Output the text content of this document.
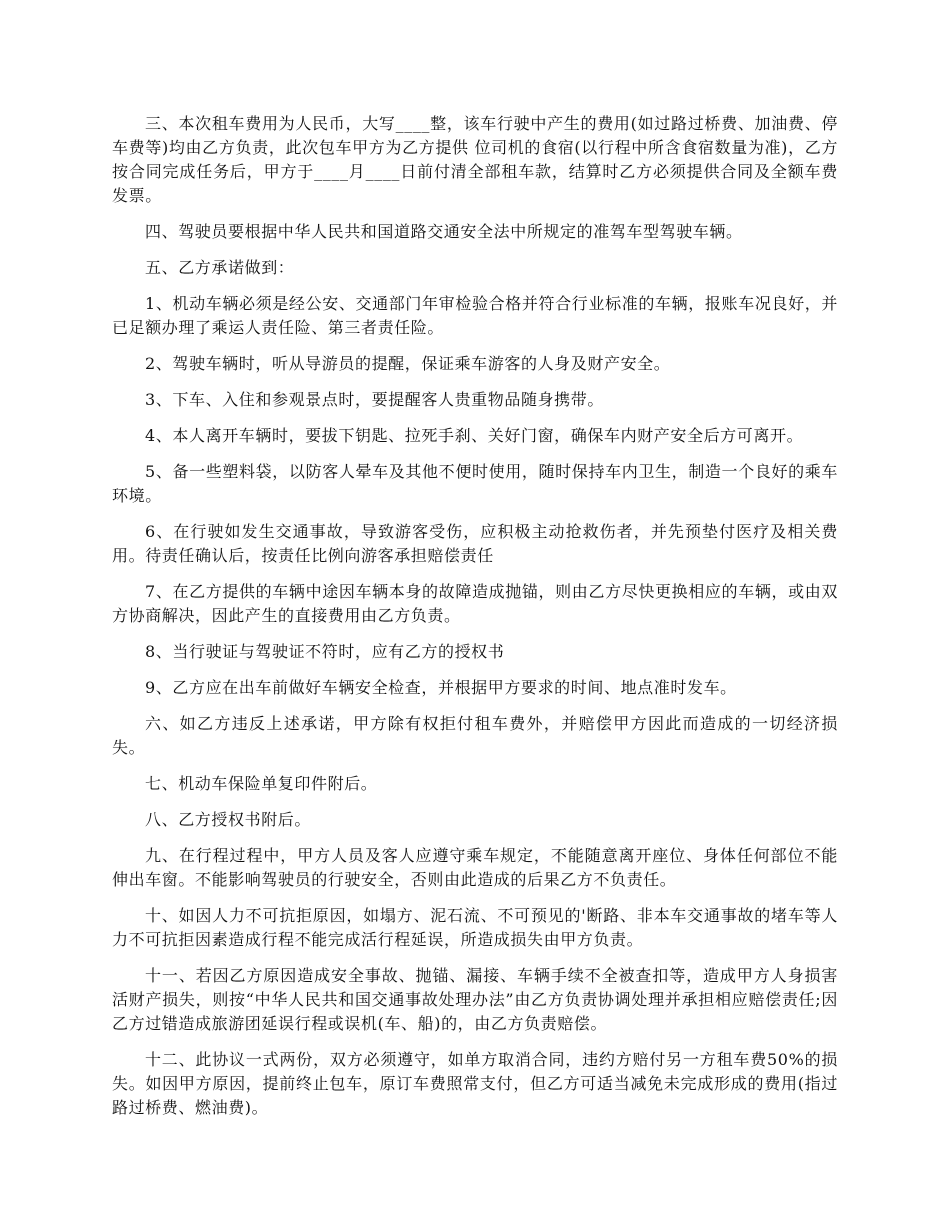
三、本次租车费用为人民币，大写____整，该车行驶中产生的费用(如过路过桥费、加油费、停车费等)均由乙方负责，此次包车甲方为乙方提供 位司机的食宿(以行程中所含食宿数量为准)，乙方按合同完成任务后，甲方于____月____日前付清全部租车款，结算时乙方必须提供合同及全额车费发票。

四、驾驶员要根据中华人民共和国道路交通安全法中所规定的准驾车型驾驶车辆。

五、乙方承诺做到：

1、机动车辆必须是经公安、交通部门年审检验合格并符合行业标准的车辆，报账车况良好，并已足额办理了乘运人责任险、第三者责任险。

2、驾驶车辆时，听从导游员的提醒，保证乘车游客的人身及财产安全。

3、下车、入住和参观景点时，要提醒客人贵重物品随身携带。

4、本人离开车辆时，要拔下钥匙、拉死手刹、关好门窗，确保车内财产安全后方可离开。

5、备一些塑料袋，以防客人晕车及其他不便时使用，随时保持车内卫生，制造一个良好的乘车环境。

6、在行驶如发生交通事故，导致游客受伤，应积极主动抢救伤者，并先预垫付医疗及相关费用。待责任确认后，按责任比例向游客承担赔偿责任

7、在乙方提供的车辆中途因车辆本身的故障造成抛锚，则由乙方尽快更换相应的车辆，或由双方协商解决，因此产生的直接费用由乙方负责。

8、当行驶证与驾驶证不符时，应有乙方的授权书

9、乙方应在出车前做好车辆安全检查，并根据甲方要求的时间、地点准时发车。

六、如乙方违反上述承诺，甲方除有权拒付租车费外，并赔偿甲方因此而造成的一切经济损失。

七、机动车保险单复印件附后。

八、乙方授权书附后。

九、在行程过程中，甲方人员及客人应遵守乘车规定，不能随意离开座位、身体任何部位不能伸出车窗。不能影响驾驶员的行驶安全，否则由此造成的后果乙方不负责任。

十、如因人力不可抗拒原因，如塌方、泥石流、不可预见的'断路、非本车交通事故的堵车等人力不可抗拒因素造成行程不能完成活行程延误，所造成损失由甲方负责。

十一、若因乙方原因造成安全事故、抛锚、漏接、车辆手续不全被查扣等，造成甲方人身损害活财产损失，则按“中华人民共和国交通事故处理办法”由乙方负责协调处理并承担相应赔偿责任;因乙方过错造成旅游团延误行程或误机(车、船)的，由乙方负责赔偿。

十二、此协议一式两份，双方必须遵守，如单方取消合同，违约方赔付另一方租车费50%的损失。如因甲方原因，提前终止包车，原订车费照常支付，但乙方可适当减免未完成形成的费用(指过路过桥费、燃油费)。
